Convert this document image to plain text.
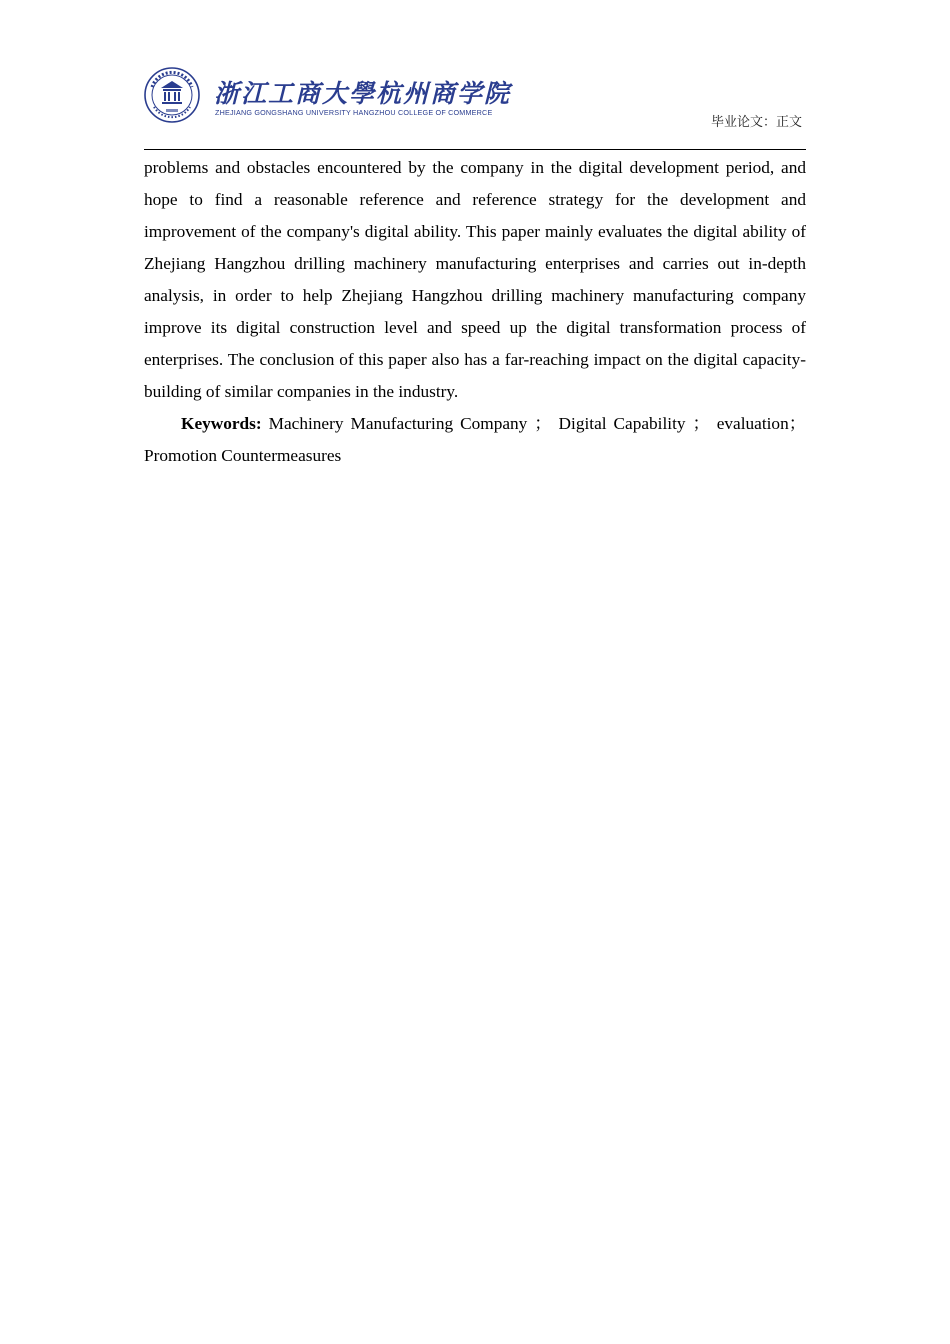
浙江工商大學杭州商学院
ZHEJIANG GONGSHANG UNIVERSITY HANGZHOU COLLEGE OF COMMERCE
毕业论文：正文

problems and obstacles encountered by the company in the digital development period, and hope to find a reasonable reference and reference strategy for the development and improvement of the company's digital ability. This paper mainly evaluates the digital ability of Zhejiang Hangzhou drilling machinery manufacturing enterprises and carries out in-depth analysis, in order to help Zhejiang Hangzhou drilling machinery manufacturing company improve its digital construction level and speed up the digital transformation process of enterprises. The conclusion of this paper also has a far-reaching impact on the digital capacity-building of similar companies in the industry.

Keywords: Machinery Manufacturing Company ； Digital Capability ； evaluation；Promotion Countermeasures
